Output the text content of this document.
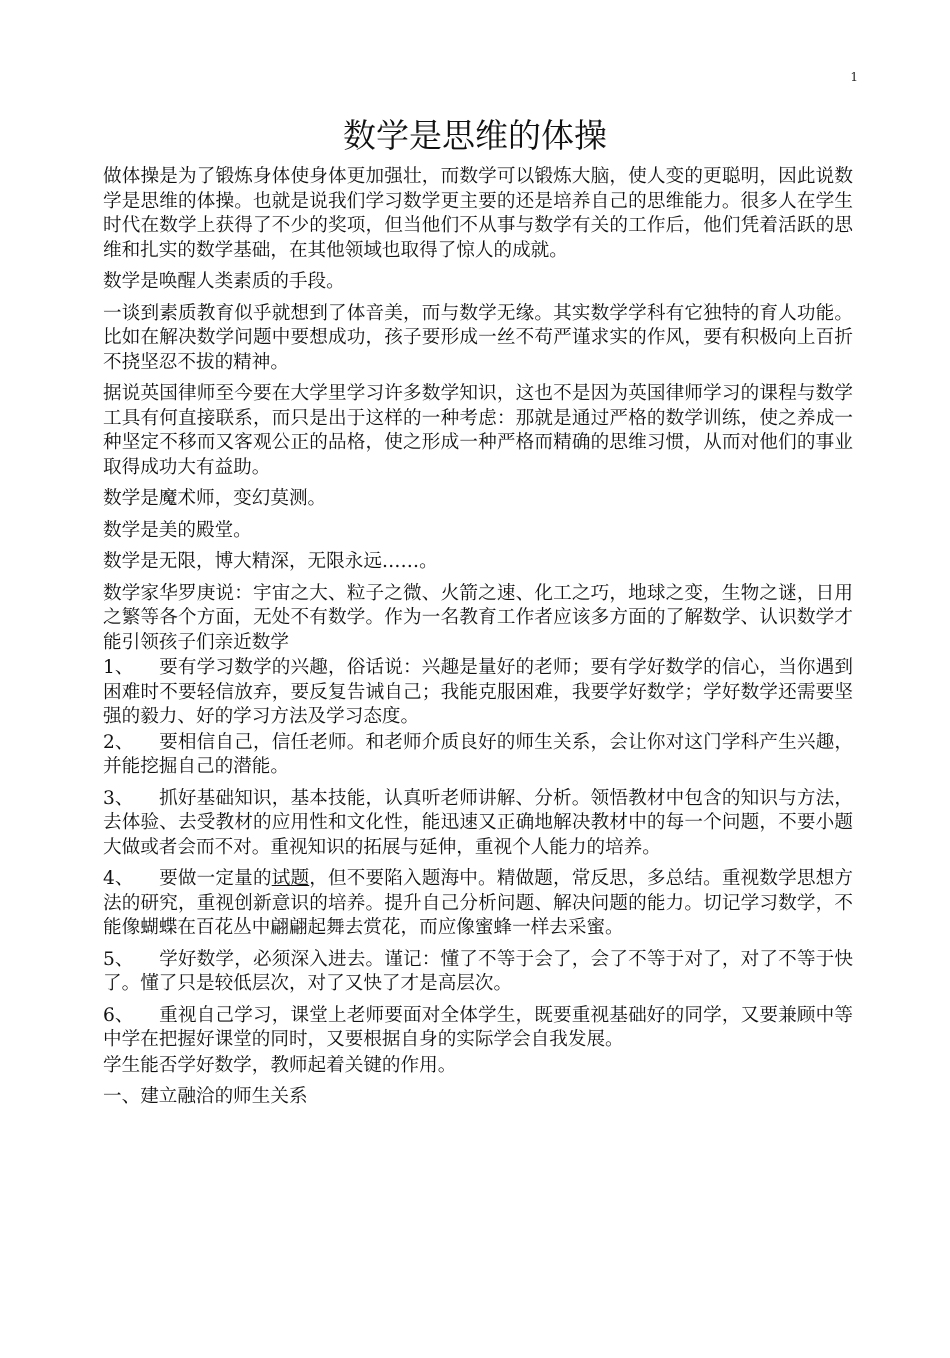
1
数学是思维的体操

做体操是为了锻炼身体使身体更加强壮，而数学可以锻炼大脑，使人变的更聪明，因此说数学是思维的体操。也就是说我们学习数学更主要的还是培养自己的思维能力。很多人在学生时代在数学上获得了不少的奖项，但当他们不从事与数学有关的工作后，他们凭着活跃的思维和扎实的数学基础，在其他领域也取得了惊人的成就。

数学是唤醒人类素质的手段。

一谈到素质教育似乎就想到了体音美，而与数学无缘。其实数学学科有它独特的育人功能。比如在解决数学问题中要想成功，孩子要形成一丝不苟严谨求实的作风，要有积极向上百折不挠坚忍不拔的精神。

据说英国律师至今要在大学里学习许多数学知识，这也不是因为英国律师学习的课程与数学工具有何直接联系，而只是出于这样的一种考虑：那就是通过严格的数学训练，使之养成一种坚定不移而又客观公正的品格，使之形成一种严格而精确的思维习惯，从而对他们的事业取得成功大有益助。

数学是魔术师，变幻莫测。

数学是美的殿堂。

数学是无限，博大精深，无限永远……。

数学家华罗庚说：宇宙之大、粒子之微、火箭之速、化工之巧，地球之变，生物之谜，日用之繁等各个方面，无处不有数学。作为一名教育工作者应该多方面的了解数学、认识数学才能引领孩子们亲近数学

1、 要有学习数学的兴趣，俗话说：兴趣是量好的老师；要有学好数学的信心，当你遇到困难时不要轻信放弃，要反复告诫自己；我能克服困难，我要学好数学；学好数学还需要坚强的毅力、好的学习方法及学习态度。

2、 要相信自己，信任老师。和老师介质良好的师生关系，会让你对这门学科产生兴趣，并能挖掘自己的潜能。

3、 抓好基础知识，基本技能，认真听老师讲解、分析。领悟教材中包含的知识与方法，去体验、去受教材的应用性和文化性，能迅速又正确地解决教材中的每一个问题，不要小题大做或者会而不对。重视知识的拓展与延伸，重视个人能力的培养。

4、 要做一定量的试题，但不要陷入题海中。精做题，常反思，多总结。重视数学思想方法的研究，重视创新意识的培养。提升自己分析问题、解决问题的能力。切记学习数学，不能像蝴蝶在百花丛中翩翩起舞去赏花，而应像蜜蜂一样去采蜜。

5、 学好数学，必须深入进去。谨记：懂了不等于会了，会了不等于对了，对了不等于快了。懂了只是较低层次，对了又快了才是高层次。

6、 重视自己学习，课堂上老师要面对全体学生，既要重视基础好的同学，又要兼顾中等中学在把握好课堂的同时，又要根据自身的实际学会自我发展。

学生能否学好数学，教师起着关键的作用。

一、建立融洽的师生关系
